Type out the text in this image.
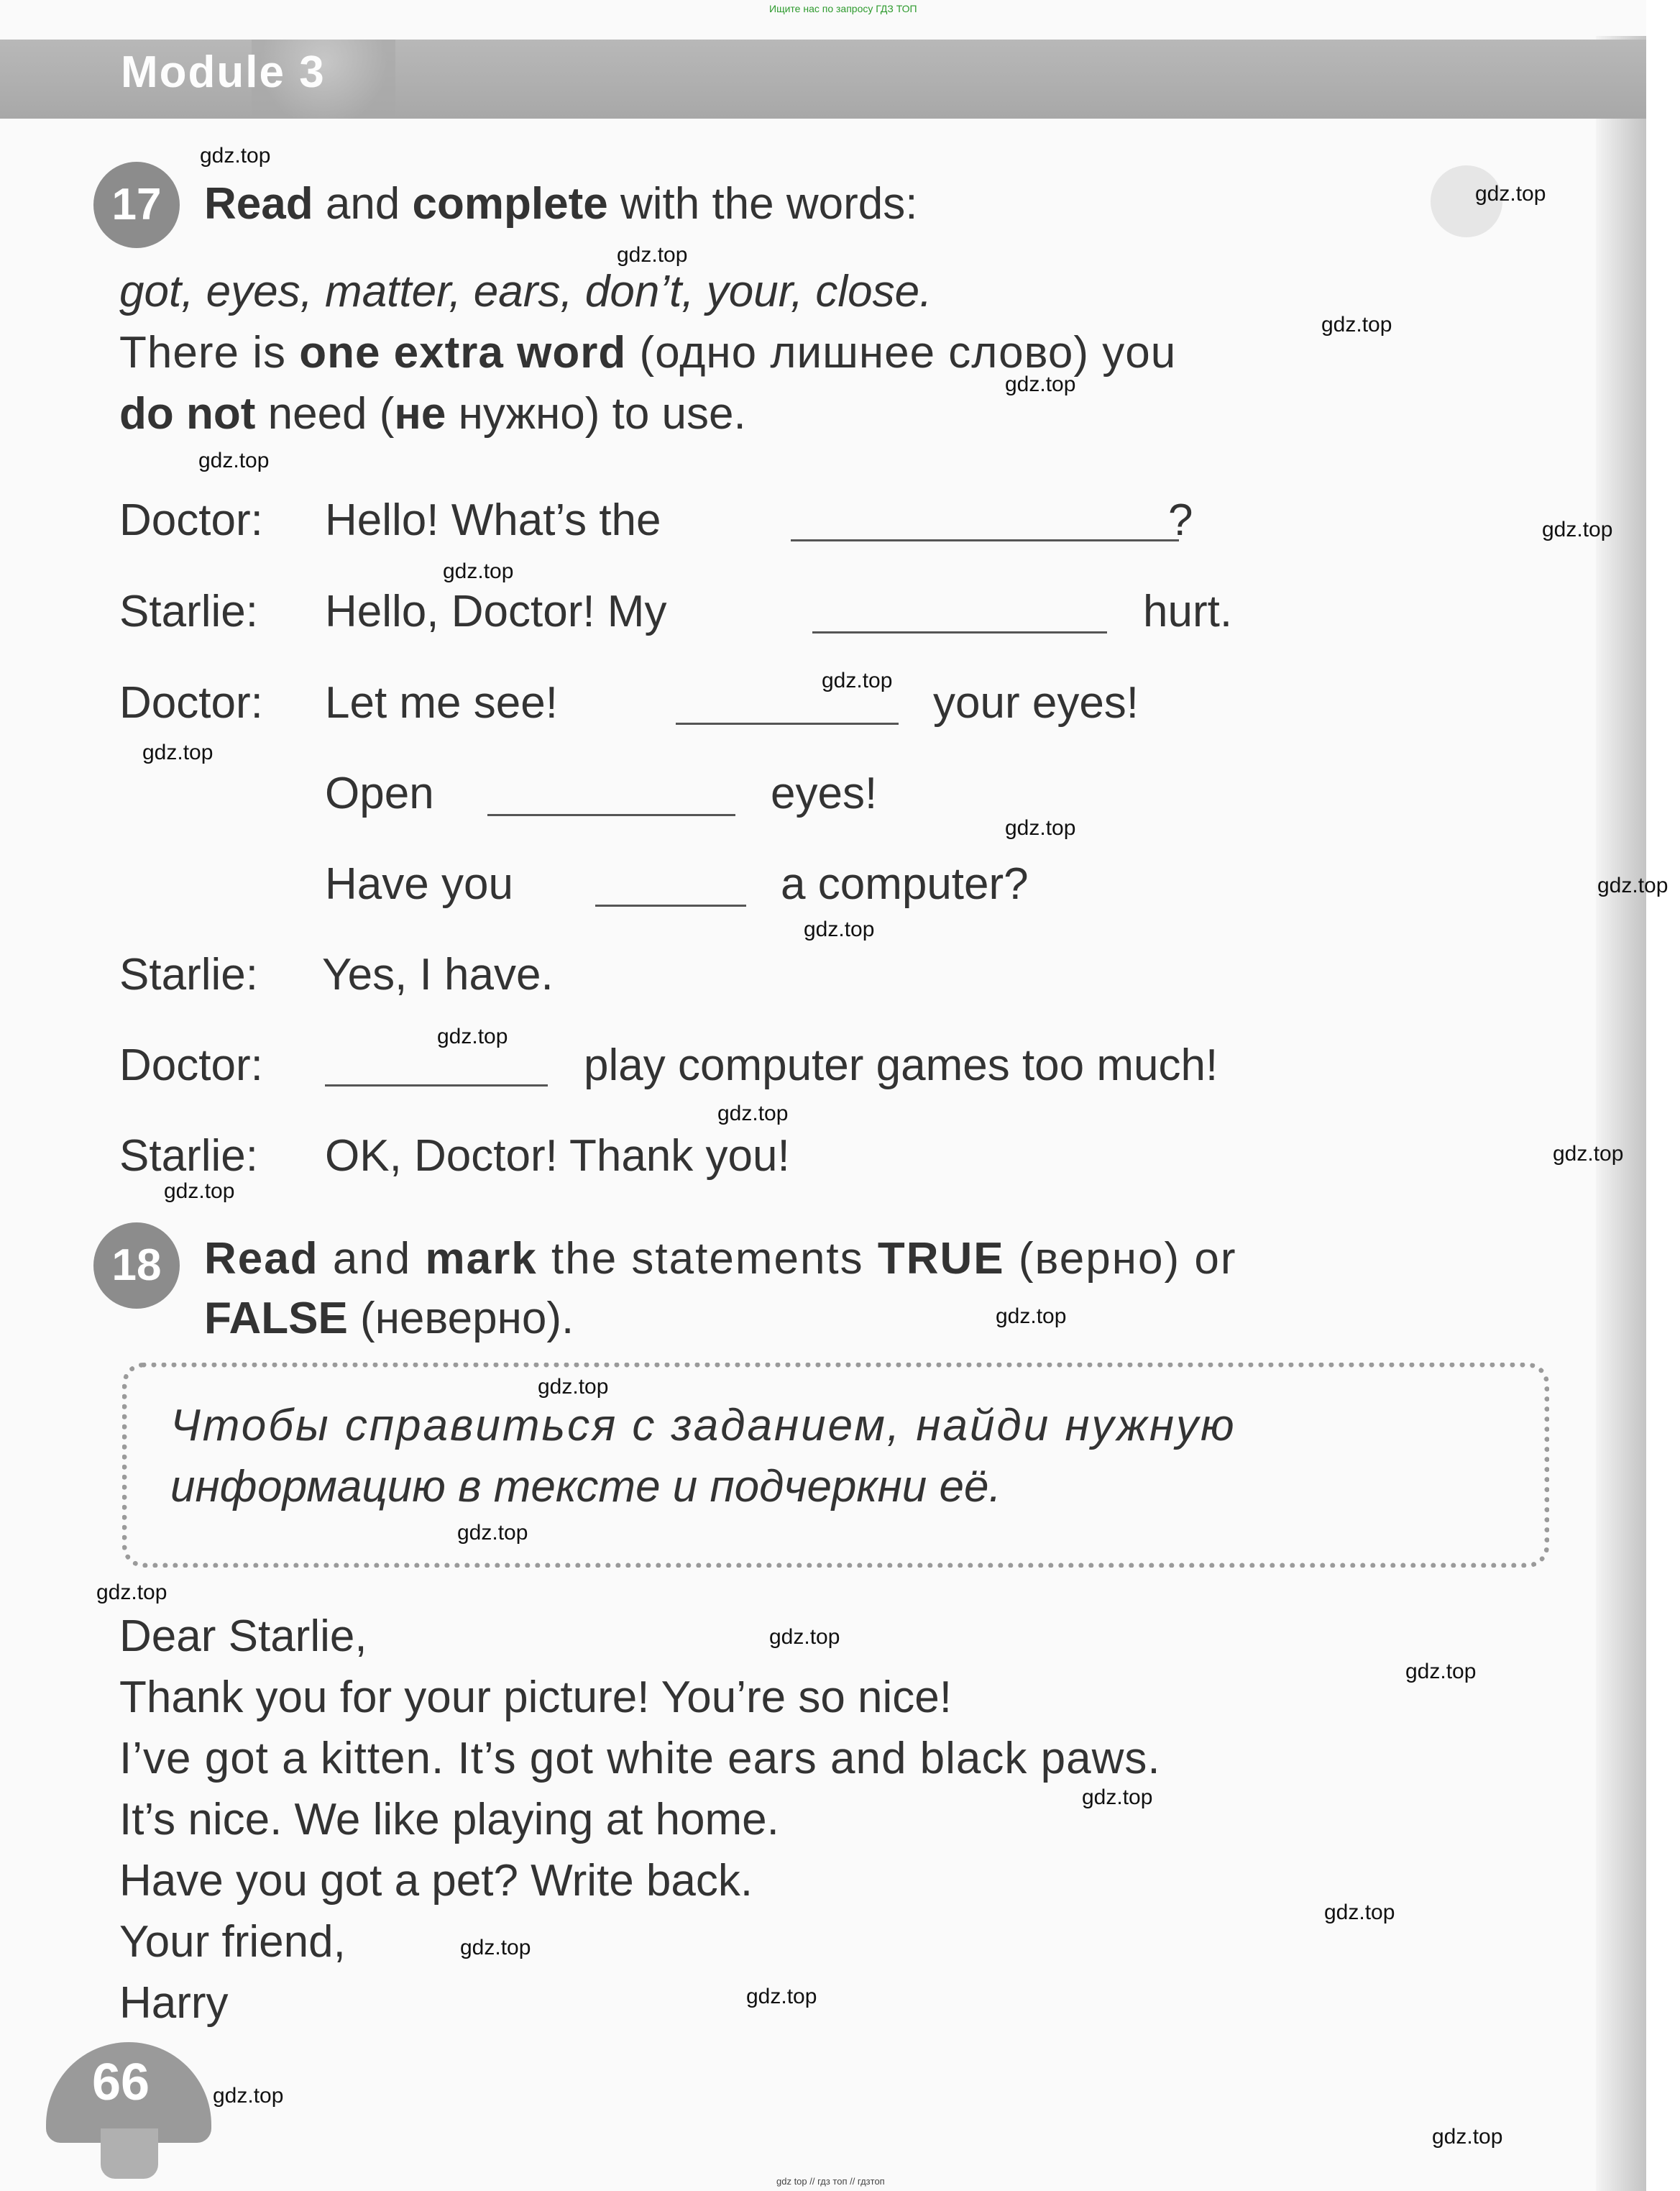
Ищите нас по запросу ГДЗ ТОП
Module 3
17 Read and complete with the words:
got, eyes, matter, ears, don’t, your, close.
There is one extra word (одно лишнее слово) you
do not need (не нужно) to use.
Doctor: Hello! What’s the	?
Starlie: Hello, Doctor! My	hurt.
Doctor: Let me see!	your eyes!
Open	eyes!
Have you	a computer?
Starlie: Yes, I have.
Doctor:	play computer games too much!
Starlie: OK, Doctor! Thank you!
18 Read and mark the statements TRUE (верно) or
FALSE (неверно).
Чтобы справиться с заданием, найди нужную
информацию в тексте и подчеркни её.
Dear Starlie,
Thank you for your picture! You’re so nice!
I’ve got a kitten. It’s got white ears and black paws.
It’s nice. We like playing at home.
Have you got a pet? Write back.
Your friend,
Harry
66
gdz.top
gdz.top
gdz.top
gdz.top
gdz.top
gdz.top
gdz.top
gdz.top
gdz.top
gdz.top
gdz.top
gdz.top
gdz.top
gdz.top
gdz.top
gdz.top
gdz.top
gdz.top
gdz.top
gdz.top
gdz.top
gdz.top
gdz.top
gdz.top
gdz.top
gdz.top
gdz.top
gdz.top
gdz.top
gdz top // гдз топ // гдзтоп
